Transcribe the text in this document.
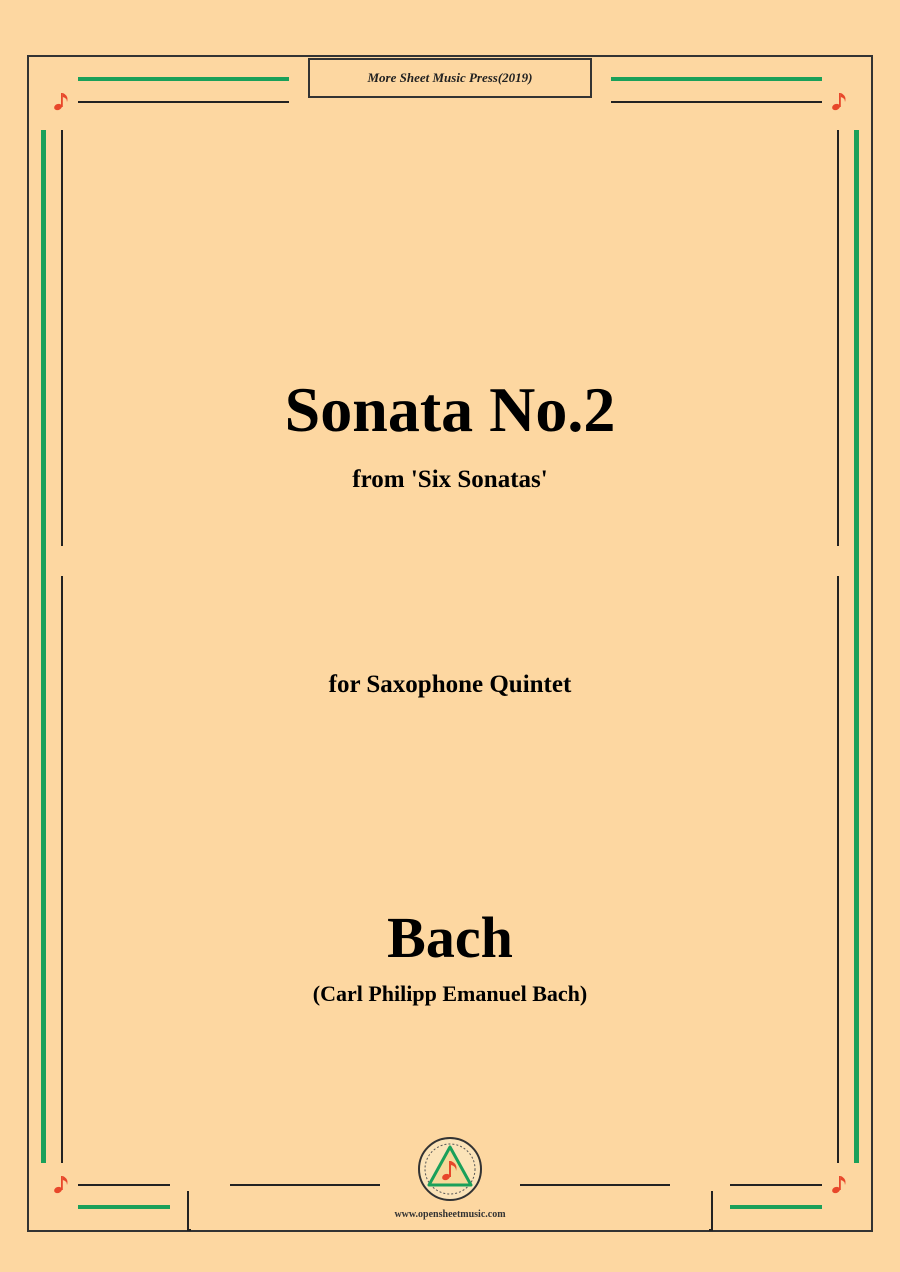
More Sheet Music Press(2019)
Sonata No.2
from 'Six Sonatas'
for Saxophone Quintet
Bach
(Carl Philipp Emanuel Bach)
www.opensheetmusic.com
